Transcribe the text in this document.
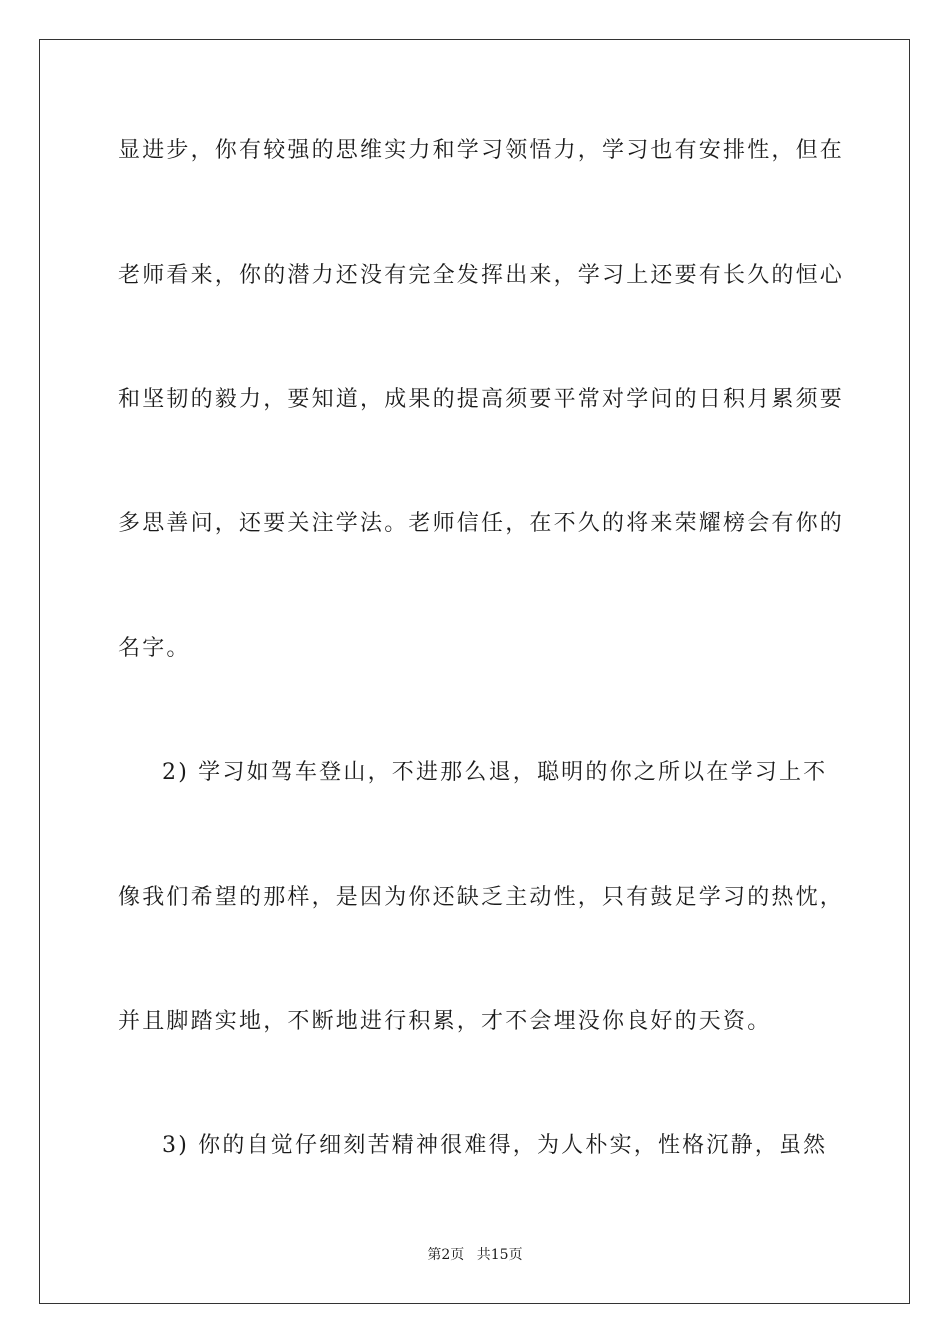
显进步，你有较强的思维实力和学习领悟力，学习也有安排性，但在

老师看来，你的潜力还没有完全发挥出来，学习上还要有长久的恒心

和坚韧的毅力，要知道，成果的提高须要平常对学问的日积月累须要

多思善问，还要关注学法。老师信任，在不久的将来荣耀榜会有你的

名字。

2) 学习如驾车登山，不进那么退，聪明的你之所以在学习上不

像我们希望的那样，是因为你还缺乏主动性，只有鼓足学习的热忱，

并且脚踏实地，不断地进行积累，才不会埋没你良好的天资。

3) 你的自觉仔细刻苦精神很难得，为人朴实，性格沉静，虽然

第2页 共15页
